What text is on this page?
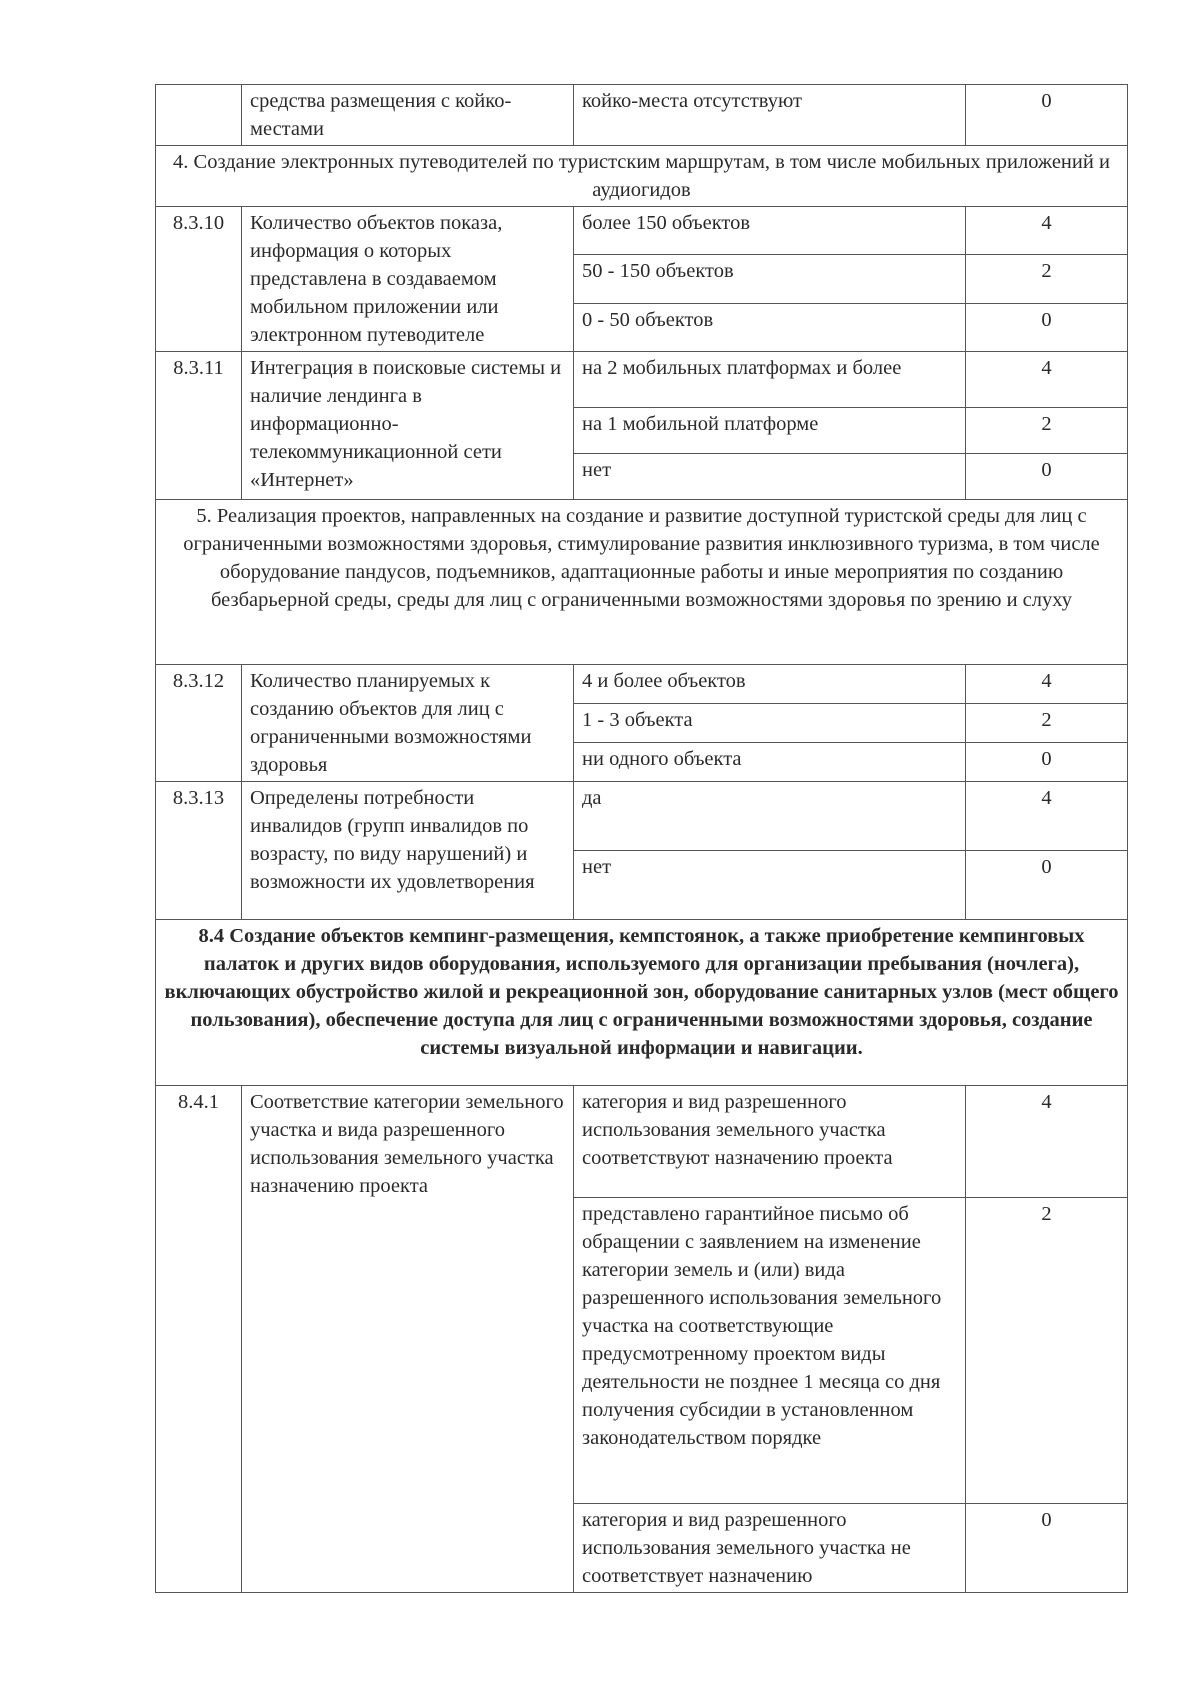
	средства размещения с койко-местами	койко-места отсутствуют	0
4. Создание электронных путеводителей по туристским маршрутам, в том числе мобильных приложений и аудиогидов			
8.3.10	Количество объектов показа, информация о которых представлена в создаваемом мобильном приложении или электронном путеводителе	более 150 объектов	4
		50 - 150 объектов	2
		0 - 50 объектов	0
8.3.11	Интеграция в поисковые системы и наличие лендинга в информационно-телекоммуникационной сети «Интернет»	на 2 мобильных платформах и более	4
		на 1 мобильной платформе	2
		нет	0
5. Реализация проектов, направленных на создание и развитие доступной туристской среды для лиц с ограниченными возможностями здоровья, стимулирование развития инклюзивного туризма, в том числе оборудование пандусов, подъемников, адаптационные работы и иные мероприятия по созданию безбарьерной среды, среды для лиц с ограниченными возможностями здоровья по зрению и слуху			
8.3.12	Количество планируемых к созданию объектов для лиц с ограниченными возможностями здоровья	4 и более объектов	4
		1 - 3 объекта	2
		ни одного объекта	0
8.3.13	Определены потребности инвалидов (групп инвалидов по возрасту, по виду нарушений) и возможности их удовлетворения	да	4
		нет	0
8.4 Создание объектов кемпинг-размещения, кемпстоянок, а также приобретение кемпинговых палаток и других видов оборудования, используемого для организации пребывания (ночлега), включающих обустройство жилой и рекреационной зон, оборудование санитарных узлов (мест общего пользования), обеспечение доступа для лиц с ограниченными возможностями здоровья, создание системы визуальной информации и навигации.			
8.4.1	Соответствие категории земельного участка и вида разрешенного использования земельного участка назначению проекта	категория и вид разрешенного использования земельного участка соответствуют назначению проекта	4
		представлено гарантийное письмо об обращении с заявлением на изменение категории земель и (или) вида разрешенного использования земельного участка на соответствующие предусмотренному проектом виды деятельности не позднее 1 месяца со дня получения субсидии в установленном законодательством порядке	2
		категория и вид разрешенного использования земельного участка не соответствует назначению	0
